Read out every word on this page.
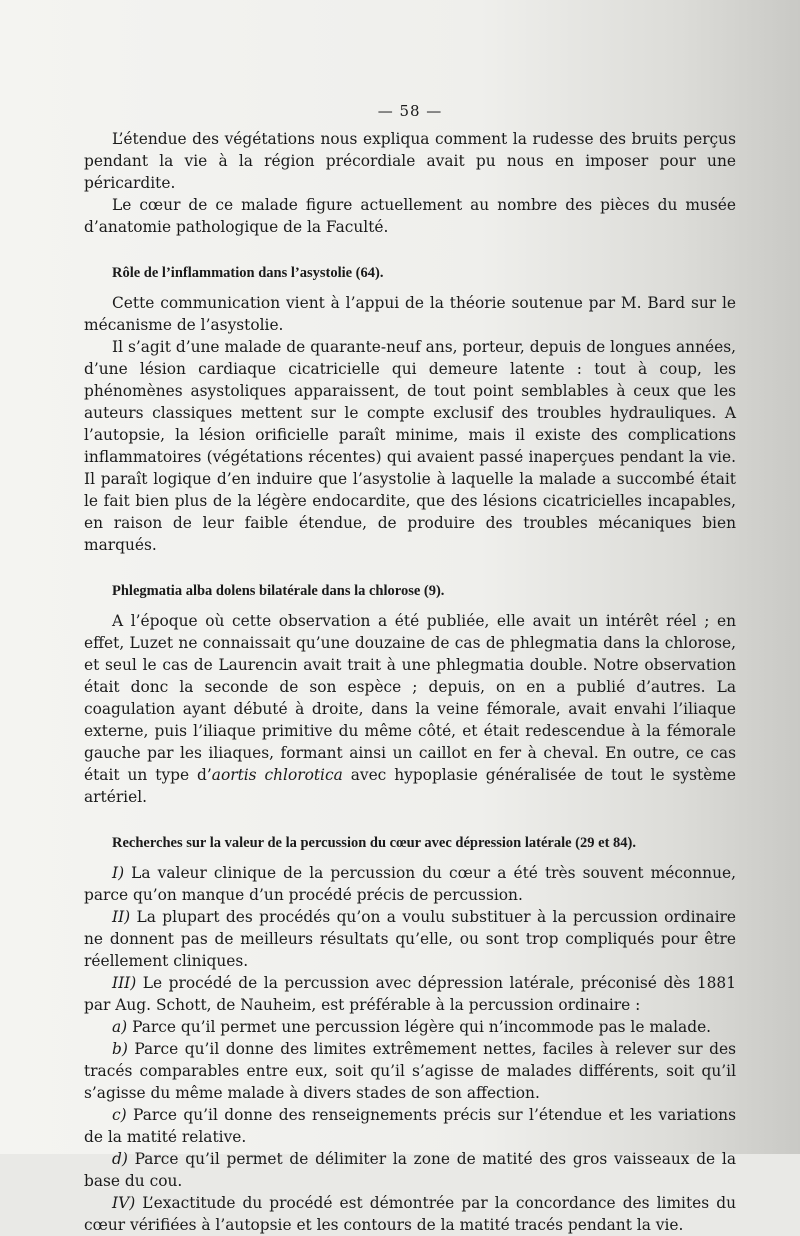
— 58 —

L’étendue des végétations nous expliqua comment la rudesse des bruits perçus pendant la vie à la région précordiale avait pu nous en imposer pour une péricardite.

Le cœur de ce malade figure actuellement au nombre des pièces du musée d’anatomie pathologique de la Faculté.

Rôle de l’inflammation dans l’asystolie (64).

Cette communication vient à l’appui de la théorie soutenue par M. Bard sur le mécanisme de l’asystolie.

Il s’agit d’une malade de quarante-neuf ans, porteur, depuis de longues années, d’une lésion cardiaque cicatricielle qui demeure latente : tout à coup, les phénomènes asystoliques apparaissent, de tout point semblables à ceux que les auteurs classiques mettent sur le compte exclusif des troubles hydrauliques. A l’autopsie, la lésion orificielle paraît minime, mais il existe des complications inflammatoires (végétations récentes) qui avaient passé inaperçues pendant la vie. Il paraît logique d’en induire que l’asystolie à laquelle la malade a succombé était le fait bien plus de la légère endocardite, que des lésions cicatricielles incapables, en raison de leur faible étendue, de produire des troubles mécaniques bien marqués.

Phlegmatia alba dolens bilatérale dans la chlorose (9).

A l’époque où cette observation a été publiée, elle avait un intérêt réel ; en effet, Luzet ne connaissait qu’une douzaine de cas de phlegmatia dans la chlorose, et seul le cas de Laurencin avait trait à une phlegmatia double. Notre observation était donc la seconde de son espèce ; depuis, on en a publié d’autres. La coagulation ayant débuté à droite, dans la veine fémorale, avait envahi l’iliaque externe, puis l’iliaque primitive du même côté, et était redescendue à la fémorale gauche par les iliaques, formant ainsi un caillot en fer à cheval. En outre, ce cas était un type d’aortis chlorotica avec hypoplasie généralisée de tout le système artériel.

Recherches sur la valeur de la percussion du cœur avec dépression latérale (29 et 84).

I) La valeur clinique de la percussion du cœur a été très souvent méconnue, parce qu’on manque d’un procédé précis de percussion.

II) La plupart des procédés qu’on a voulu substituer à la percussion ordinaire ne donnent pas de meilleurs résultats qu’elle, ou sont trop compliqués pour être réellement cliniques.

III) Le procédé de la percussion avec dépression latérale, préconisé dès 1881 par Aug. Schott, de Nauheim, est préférable à la percussion ordinaire :

a) Parce qu’il permet une percussion légère qui n’incommode pas le malade.

b) Parce qu’il donne des limites extrêmement nettes, faciles à relever sur des tracés comparables entre eux, soit qu’il s’agisse de malades différents, soit qu’il s’agisse du même malade à divers stades de son affection.

c) Parce qu’il donne des renseignements précis sur l’étendue et les variations de la matité relative.

d) Parce qu’il permet de délimiter la zone de matité des gros vaisseaux de la base du cou.

IV) L’exactitude du procédé est démontrée par la concordance des limites du cœur vérifiées à l’autopsie et les contours de la matité tracés pendant la vie.
